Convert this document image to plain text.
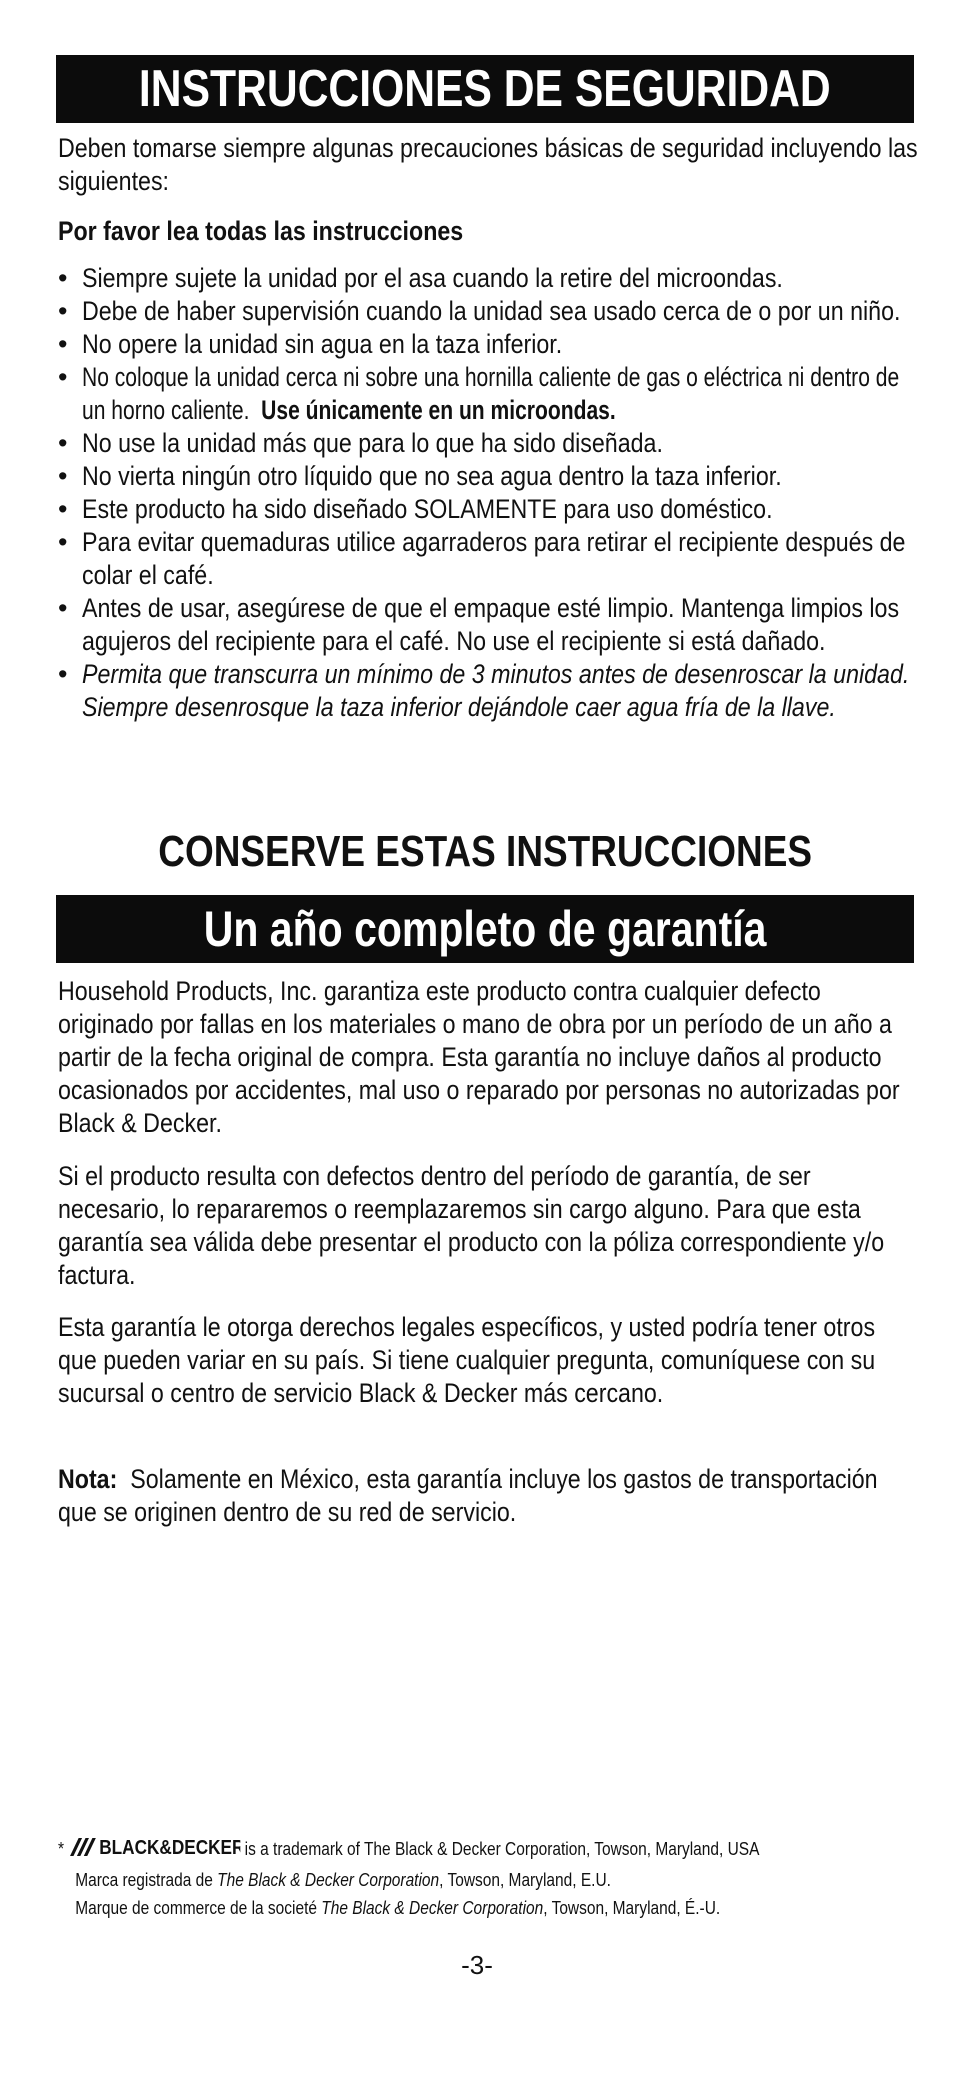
INSTRUCCIONES DE SEGURIDAD
Deben tomarse siempre algunas precauciones básicas de seguridad incluyendo las siguientes:
Por favor lea todas las instrucciones
• Siempre sujete la unidad por el asa cuando la retire del microondas.
• Debe de haber supervisión cuando la unidad sea usado cerca de o por un niño.
• No opere la unidad sin agua en la taza inferior.
• No coloque la unidad cerca ni sobre una hornilla caliente de gas o eléctrica ni dentro de un horno caliente. Use únicamente en un microondas.
• No use la unidad más que para lo que ha sido diseñada.
• No vierta ningún otro líquido que no sea agua dentro la taza inferior.
• Este producto ha sido diseñado SOLAMENTE para uso doméstico.
• Para evitar quemaduras utilice agarraderos para retirar el recipiente después de colar el café.
• Antes de usar, asegúrese de que el empaque esté limpio. Mantenga limpios los agujeros del recipiente para el café. No use el recipiente si está dañado.
• Permita que transcurra un mínimo de 3 minutos antes de desenroscar la unidad. Siempre desenrosque la taza inferior dejándole caer agua fría de la llave.
CONSERVE ESTAS INSTRUCCIONES
Un año completo de garantía
Household Products, Inc. garantiza este producto contra cualquier defecto originado por fallas en los materiales o mano de obra por un período de un año a partir de la fecha original de compra. Esta garantía no incluye daños al producto ocasionados por accidentes, mal uso o reparado por personas no autorizadas por Black & Decker.
Si el producto resulta con defectos dentro del período de garantía, de ser necesario, lo repararemos o reemplazaremos sin cargo alguno. Para que esta garantía sea válida debe presentar el producto con la póliza correspondiente y/o factura.
Esta garantía le otorga derechos legales específicos, y usted podría tener otros que pueden variar en su país. Si tiene cualquier pregunta, comuníquese con su sucursal o centro de servicio Black & Decker más cercano.
Nota: Solamente en México, esta garantía incluye los gastos de transportación que se originen dentro de su red de servicio.
* BLACK&DECKER is a trademark of The Black & Decker Corporation, Towson, Maryland, USA
Marca registrada de The Black & Decker Corporation, Towson, Maryland, E.U.
Marque de commerce de la societé The Black & Decker Corporation, Towson, Maryland, É.-U.
-3-
